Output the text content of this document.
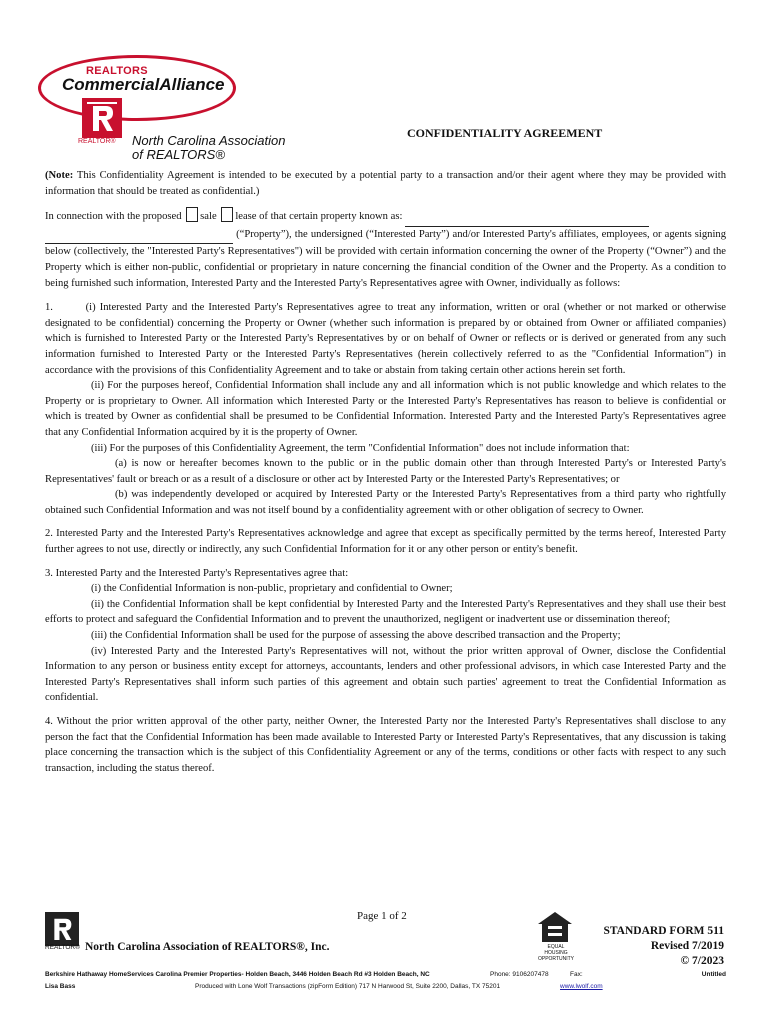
REALTORS
CommercialAlliance
REALTOR® North Carolina Association
of REALTORS®
CONFIDENTIALITY AGREEMENT

(Note: This Confidentiality Agreement is intended to be executed by a potential party to a transaction and/or their agent where they may be provided with information that should be treated as confidential.)

In connection with the proposed sale lease of that certain property known as:
(“Property”), the undersigned (“Interested Party”) and/or Interested Party's affiliates, employees, or agents signing below (collectively, the "Interested Party's Representatives") will be provided with certain information concerning the owner of the Property (“Owner”) and the Property which is either non-public, confidential or proprietary in nature concerning the financial condition of the Owner and the Property. As a condition to being furnished such information, Interested Party and the Interested Party's Representatives agree with Owner, individually as follows:

1.        (i) Interested Party and the Interested Party's Representatives agree to treat any information, written or oral (whether or not marked or otherwise designated to be confidential) concerning the Property or Owner (whether such information is prepared by or obtained from Owner or affiliated companies) which is furnished to Interested Party or the Interested Party's Representatives by or on behalf of Owner or reflects or is derived or generated from any such information furnished to Interested Party or the Interested Party's Representatives (herein collectively referred to as the "Confidential Information") in accordance with the provisions of this Confidentiality Agreement and to take or abstain from taking certain other actions herein set forth.

(ii) For the purposes hereof, Confidential Information shall include any and all information which is not public knowledge and which relates to the Property or is proprietary to Owner. All information which Interested Party or the Interested Party's Representatives has reason to believe is confidential or which is treated by Owner as confidential shall be presumed to be Confidential Information. Interested Party and the Interested Party's Representatives agree that any Confidential Information acquired by it is the property of Owner.

(iii) For the purposes of this Confidentiality Agreement, the term "Confidential Information" does not include information that:

(a) is now or hereafter becomes known to the public or in the public domain other than through Interested Party's or Interested Party's Representatives' fault or breach or as a result of a disclosure or other act by Interested Party or the Interested Party's Representatives; or

(b) was independently developed or acquired by Interested Party or the Interested Party's Representatives from a third party who rightfully obtained such Confidential Information and was not itself bound by a confidentiality agreement with or other obligation of secrecy to Owner.

2. Interested Party and the Interested Party's Representatives acknowledge and agree that except as specifically permitted by the terms hereof, Interested Party further agrees to not use, directly or indirectly, any such Confidential Information for it or any other person or entity's benefit.

3. Interested Party and the Interested Party's Representatives agree that:

(i) the Confidential Information is non-public, proprietary and confidential to Owner;

(ii) the Confidential Information shall be kept confidential by Interested Party and the Interested Party's Representatives and they shall use their best efforts to protect and safeguard the Confidential Information and to prevent the unauthorized, negligent or inadvertent use or dissemination thereof;

(iii) the Confidential Information shall be used for the purpose of assessing the above described transaction and the Property;

(iv) Interested Party and the Interested Party's Representatives will not, without the prior written approval of Owner, disclose the Confidential Information to any person or business entity except for attorneys, accountants, lenders and other professional advisors, in which case Interested Party and the Interested Party's Representatives shall inform such parties of this agreement and obtain such parties' agreement to treat the Confidential Information as confidential.

4. Without the prior written approval of the other party, neither Owner, the Interested Party nor the Interested Party's Representatives shall disclose to any person the fact that the Confidential Information has been made available to Interested Party or Interested Party's Representatives, that any discussion is taking place concerning the transaction which is the subject of this Confidentiality Agreement or any of the terms, conditions or other facts with respect to any such transaction, including the status thereof.

Page 1 of 2
REALTOR® North Carolina Association of REALTORS®, Inc.	EQUAL HOUSING OPPORTUNITY
STANDARD FORM 511
Revised 7/2019
© 7/2023
Berkshire Hathaway HomeServices Carolina Premier Properties- Holden Beach, 3446 Holden Beach Rd #3 Holden Beach, NC	Phone: 9106207478	Fax:	Untitled
Lisa Bass	Produced with Lone Wolf Transactions (zipForm Edition) 717 N Harwood St, Suite 2200, Dallas, TX 75201	www.lwolf.com
